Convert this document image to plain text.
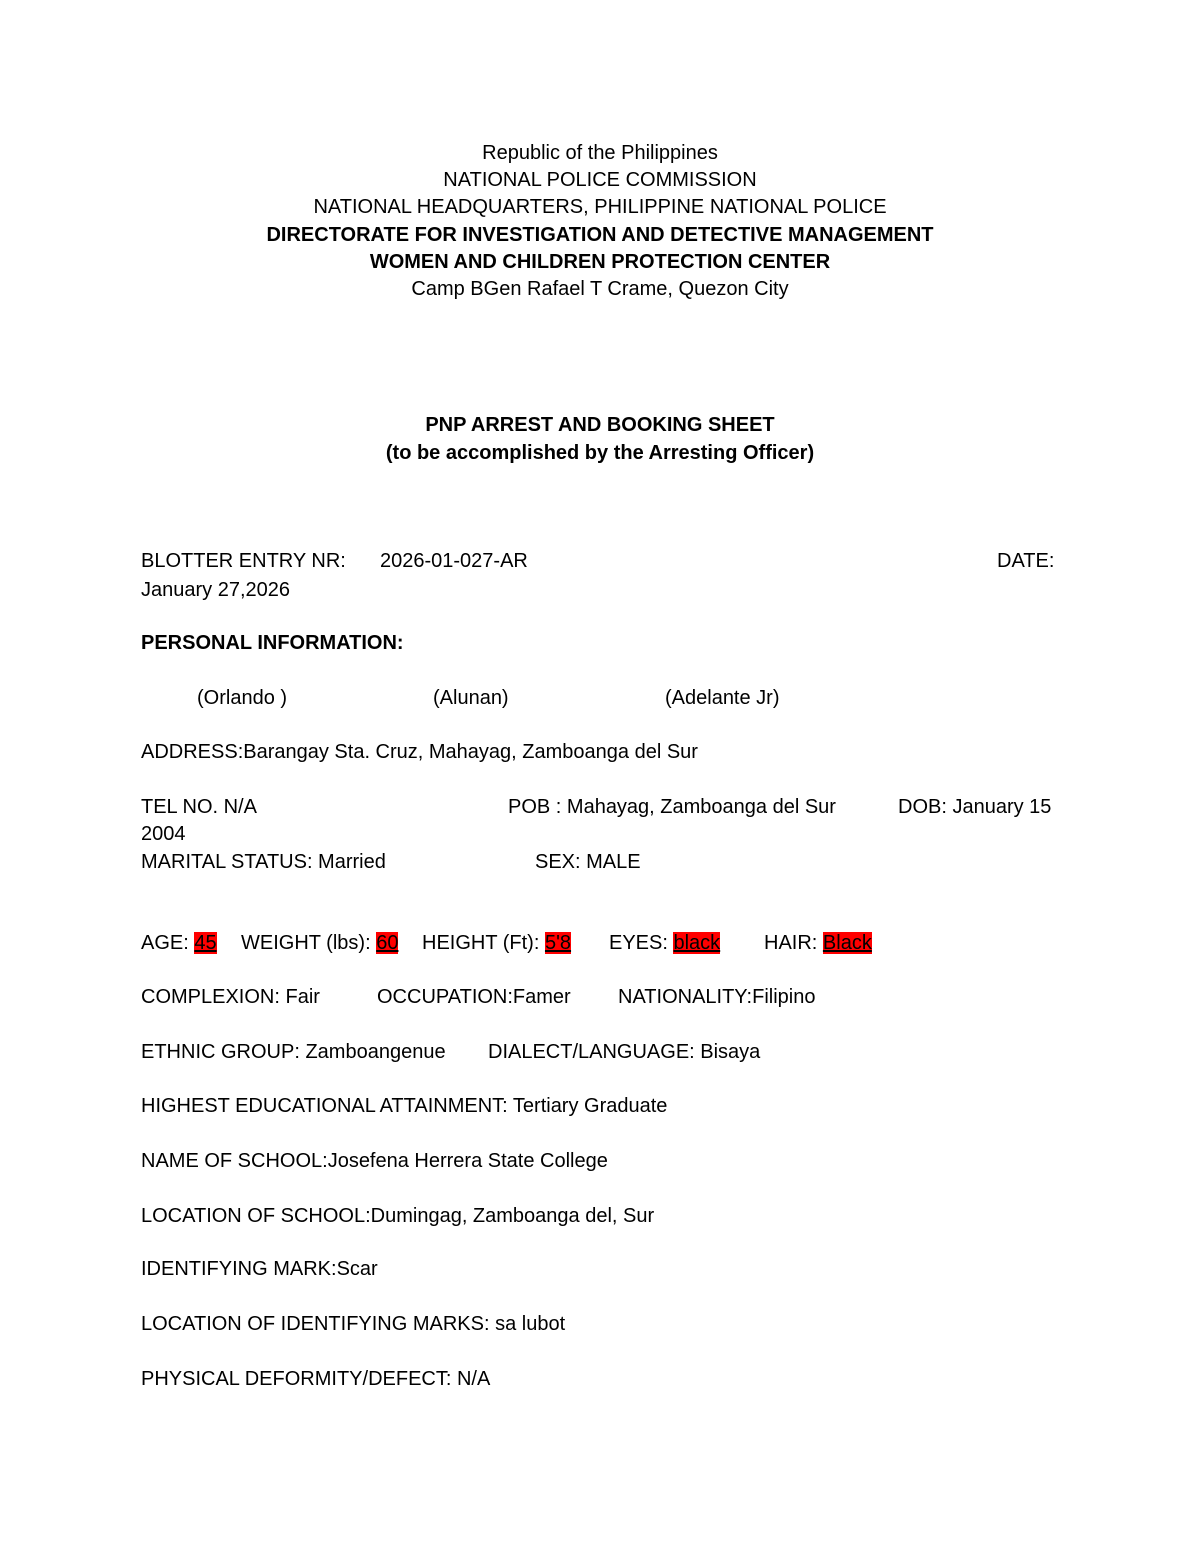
Republic of the Philippines
NATIONAL POLICE COMMISSION
NATIONAL HEADQUARTERS, PHILIPPINE NATIONAL POLICE
DIRECTORATE FOR INVESTIGATION AND DETECTIVE MANAGEMENT
WOMEN AND CHILDREN PROTECTION CENTER
Camp BGen Rafael T Crame, Quezon City
PNP ARREST AND BOOKING SHEET
(to be accomplished by the Arresting Officer)
BLOTTER ENTRY NR: 2026-01-027-AR	DATE:
January 27,2026
PERSONAL INFORMATION:
(Orlando )	(Alunan)	(Adelante Jr)
ADDRESS:Barangay Sta. Cruz, Mahayag, Zamboanga del Sur
TEL NO. N/A	POB : Mahayag, Zamboanga del Sur	DOB: January 15
2004
MARITAL STATUS: Married	SEX: MALE
AGE: 45 WEIGHT (lbs): 60 HEIGHT (Ft): 5'8 EYES: black HAIR: Black
COMPLEXION: Fair	OCCUPATION:Famer NATIONALITY:Filipino
ETHNIC GROUP: Zamboangenue DIALECT/LANGUAGE: Bisaya
HIGHEST EDUCATIONAL ATTAINMENT: Tertiary Graduate
NAME OF SCHOOL:Josefena Herrera State College
LOCATION OF SCHOOL:Dumingag, Zamboanga del, Sur
IDENTIFYING MARK:Scar
LOCATION OF IDENTIFYING MARKS: sa lubot
PHYSICAL DEFORMITY/DEFECT: N/A
